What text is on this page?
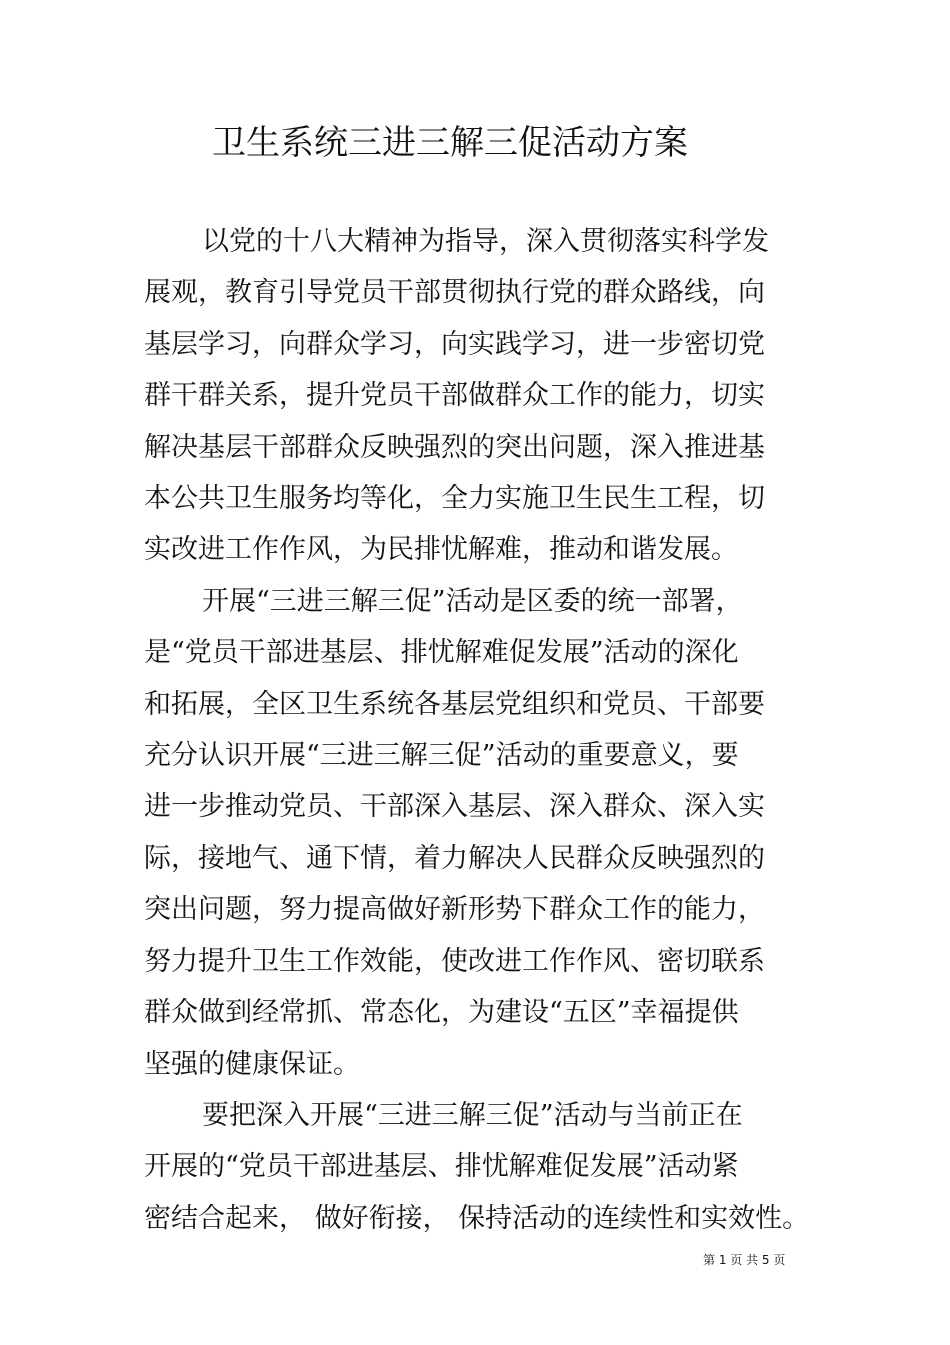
卫生系统三进三解三促活动方案

以党的十八大精神为指导，深入贯彻落实科学发
展观，教育引导党员干部贯彻执行党的群众路线，向
基层学习，向群众学习，向实践学习，进一步密切党
群干群关系，提升党员干部做群众工作的能力，切实
解决基层干部群众反映强烈的突出问题，深入推进基
本公共卫生服务均等化，全力实施卫生民生工程，切
实改进工作作风，为民排忧解难，推动和谐发展。

开展“三进三解三促”活动是区委的统一部署，
是“党员干部进基层、排忧解难促发展”活动的深化
和拓展，全区卫生系统各基层党组织和党员、干部要
充分认识开展“三进三解三促”活动的重要意义，要
进一步推动党员、干部深入基层、深入群众、深入实
际，接地气、通下情，着力解决人民群众反映强烈的
突出问题，努力提高做好新形势下群众工作的能力，
努力提升卫生工作效能，使改进工作作风、密切联系
群众做到经常抓、常态化，为建设“五区”幸福提供
坚强的健康保证。

要把深入开展“三进三解三促”活动与当前正在
开展的“党员干部进基层、排忧解难促发展”活动紧
密结合起来， 做好衔接， 保持活动的连续性和实效性。

第 1 页 共 5 页
